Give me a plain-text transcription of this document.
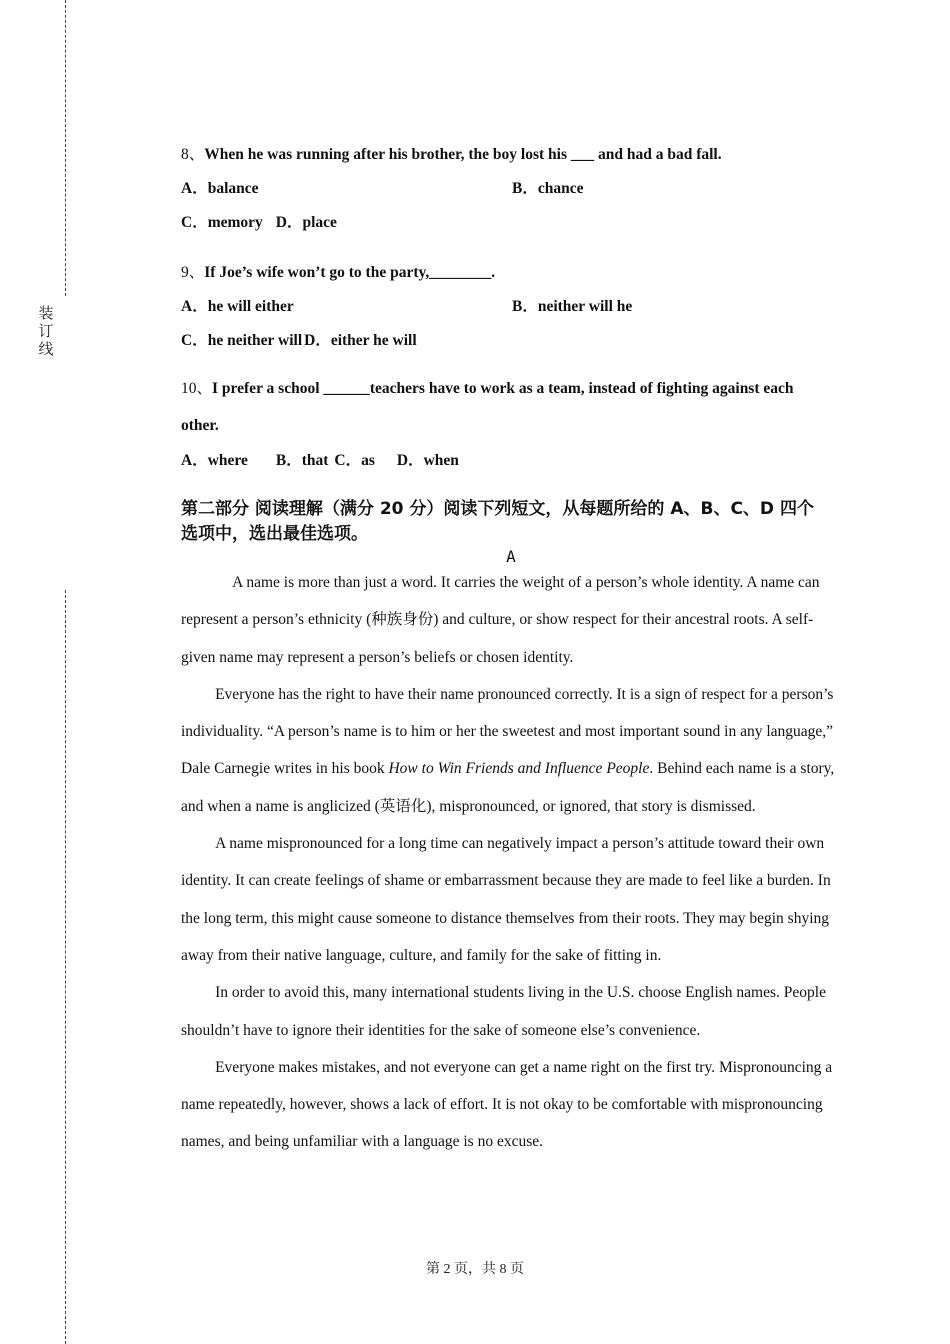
装
订
线

8、When he was running after his brother, the boy lost his ___ and had a bad fall.

A．balance	B．chance
C．memory D．place

9、If Joe’s wife won’t go to the party,________.

A．he will either	B．neither will he
C．he neither will D．either he will

10、I prefer a school ______teachers have to work as a team, instead of fighting against each

other.

A．where B．that C．as D．when

第二部分 阅读理解（满分 20 分）阅读下列短文，从每题所给的 A、B、C、D 四个

选项中，选出最佳选项。

A

A name is more than just a word. It carries the weight of a person’s whole identity. A name can represent a person’s ethnicity (种族身份) and culture, or show respect for their ancestral roots. A self-given name may represent a person’s beliefs or chosen identity.

Everyone has the right to have their name pronounced correctly. It is a sign of respect for a person’s individuality. “A person’s name is to him or her the sweetest and most important sound in any language,” Dale Carnegie writes in his book How to Win Friends and Influence People. Behind each name is a story, and when a name is anglicized (英语化), mispronounced, or ignored, that story is dismissed.

A name mispronounced for a long time can negatively impact a person’s attitude toward their own identity. It can create feelings of shame or embarrassment because they are made to feel like a burden. In the long term, this might cause someone to distance themselves from their roots. They may begin shying away from their native language, culture, and family for the sake of fitting in.

In order to avoid this, many international students living in the U.S. choose English names. People shouldn’t have to ignore their identities for the sake of someone else’s convenience.

Everyone makes mistakes, and not everyone can get a name right on the first try. Mispronouncing a name repeatedly, however, shows a lack of effort. It is not okay to be comfortable with mispronouncing names, and being unfamiliar with a language is no excuse.

第 2 页，共 8 页
